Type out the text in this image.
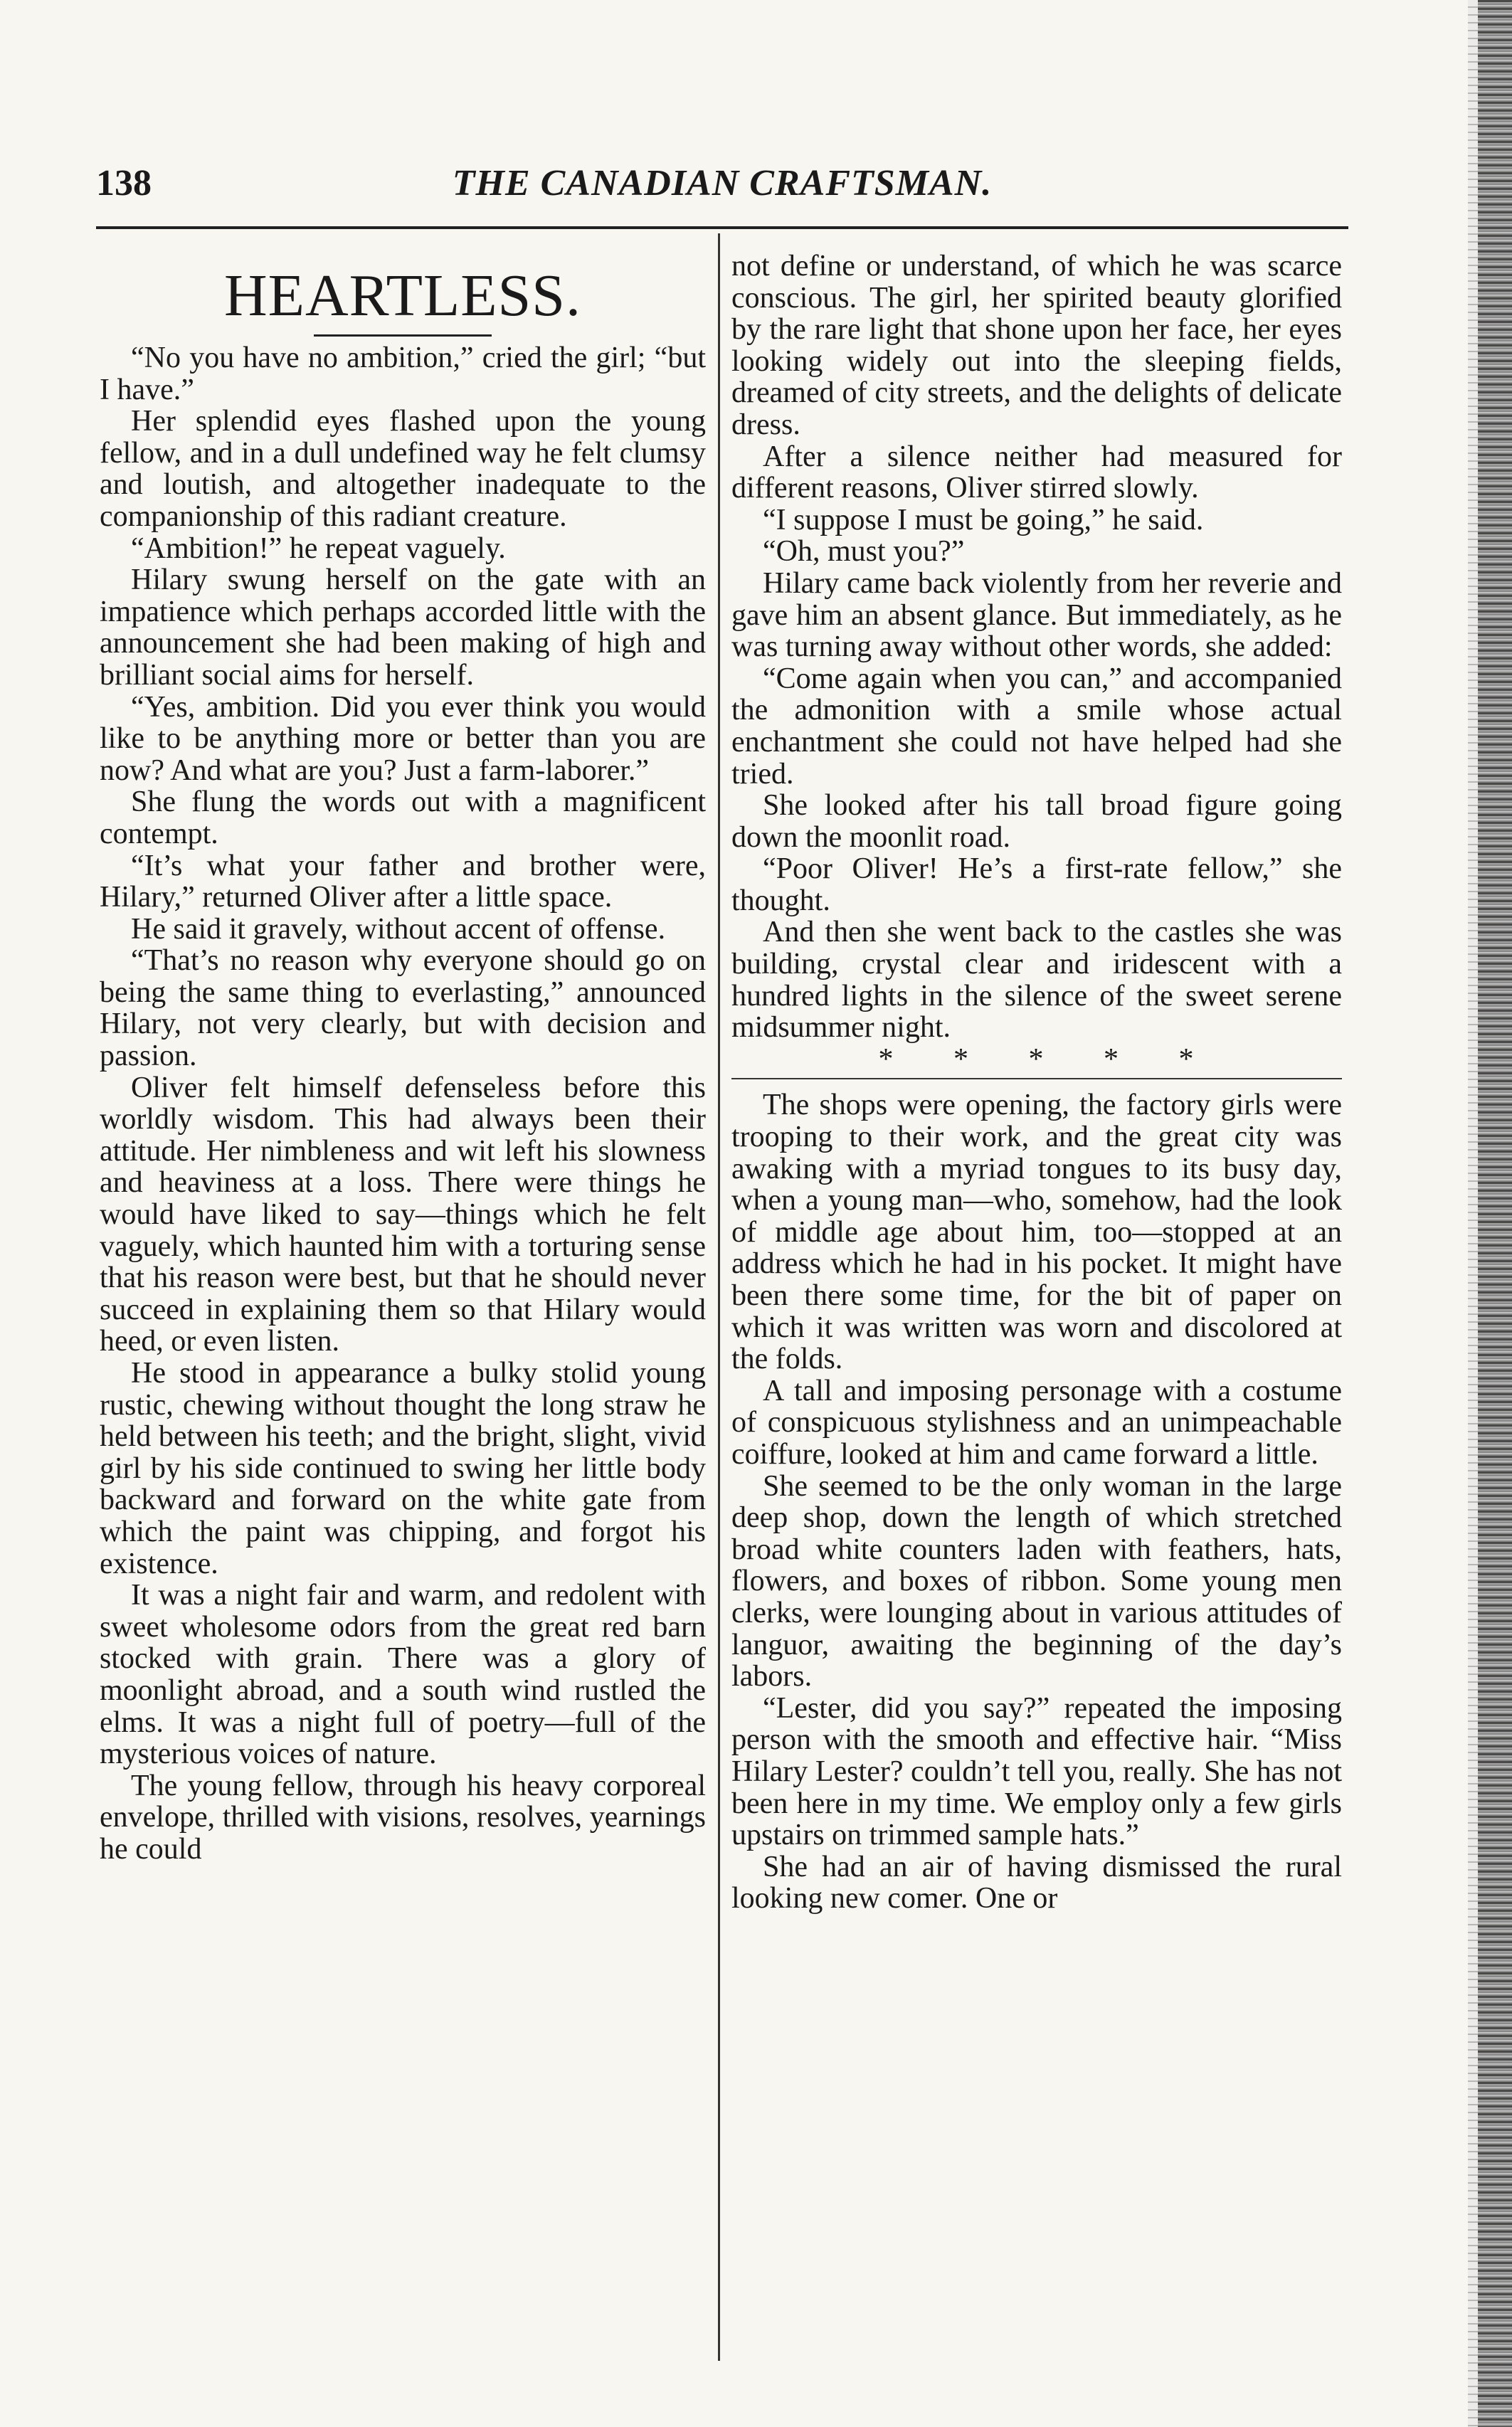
138	THE CANADIAN CRAFTSMAN.
HEARTLESS.

“No you have no ambition,” cried the girl; “but I have.”

Her splendid eyes flashed upon the young fellow, and in a dull undefined way he felt clumsy and loutish, and altogether inadequate to the companionship of this radiant creature.

“Ambition!” he repeat vaguely.

Hilary swung herself on the gate with an impatience which perhaps accorded little with the announcement she had been making of high and brilliant social aims for herself.

“Yes, ambition. Did you ever think you would like to be anything more or better than you are now? And what are you? Just a farm-laborer.”

She flung the words out with a magnificent contempt.

“It’s what your father and brother were, Hilary,” returned Oliver after a little space.

He said it gravely, without accent of offense.

“That’s no reason why everyone should go on being the same thing to everlasting,” announced Hilary, not very clearly, but with decision and passion.

Oliver felt himself defenseless before this worldly wisdom. This had always been their attitude. Her nimbleness and wit left his slowness and heaviness at a loss. There were things he would have liked to say—things which he felt vaguely, which haunted him with a torturing sense that his reason were best, but that he should never succeed in explaining them so that Hilary would heed, or even listen.

He stood in appearance a bulky stolid young rustic, chewing without thought the long straw he held between his teeth; and the bright, slight, vivid girl by his side continued to swing her little body backward and forward on the white gate from which the paint was chipping, and forgot his existence.

It was a night fair and warm, and redolent with sweet wholesome odors from the great red barn stocked with grain. There was a glory of moonlight abroad, and a south wind rustled the elms. It was a night full of poetry—full of the mysterious voices of nature.

The young fellow, through his heavy corporeal envelope, thrilled with visions, resolves, yearnings he could

not define or understand, of which he was scarce conscious. The girl, her spirited beauty glorified by the rare light that shone upon her face, her eyes looking widely out into the sleeping fields, dreamed of city streets, and the delights of delicate dress.

After a silence neither had measured for different reasons, Oliver stirred slowly.

“I suppose I must be going,” he said.

“Oh, must you?”

Hilary came back violently from her reverie and gave him an absent glance. But immediately, as he was turning away without other words, she added:

“Come again when you can,” and accompanied the admonition with a smile whose actual enchantment she could not have helped had she tried.

She looked after his tall broad figure going down the moonlit road.

“Poor Oliver! He’s a first-rate fellow,” she thought.

And then she went back to the castles she was building, crystal clear and iridescent with a hundred lights in the silence of the sweet serene midsummer night.

* * * * *

The shops were opening, the factory girls were trooping to their work, and the great city was awaking with a myriad tongues to its busy day, when a young man—who, somehow, had the look of middle age about him, too—stopped at an address which he had in his pocket. It might have been there some time, for the bit of paper on which it was written was worn and discolored at the folds.

A tall and imposing personage with a costume of conspicuous stylishness and an unimpeachable coiffure, looked at him and came forward a little.

She seemed to be the only woman in the large deep shop, down the length of which stretched broad white counters laden with feathers, hats, flowers, and boxes of ribbon. Some young men clerks, were lounging about in various attitudes of languor, awaiting the beginning of the day’s labors.

“Lester, did you say?” repeated the imposing person with the smooth and effective hair. “Miss Hilary Lester? couldn’t tell you, really. She has not been here in my time. We employ only a few girls upstairs on trimmed sample hats.”

She had an air of having dismissed the rural looking new comer. One or
